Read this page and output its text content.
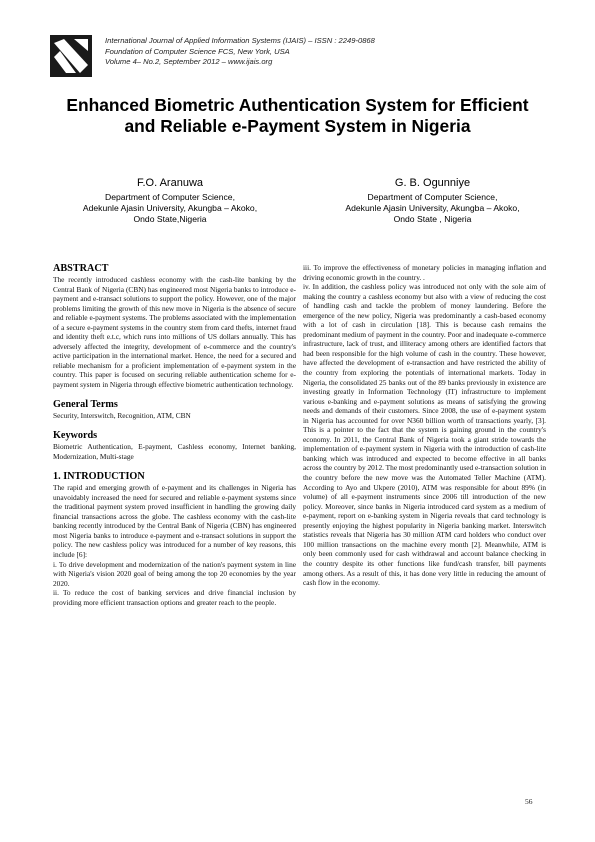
International Journal of Applied Information Systems (IJAIS) – ISSN : 2249-0868
Foundation of Computer Science FCS, New York, USA
Volume 4– No.2, September 2012 – www.ijais.org
Enhanced Biometric Authentication System for Efficient
and Reliable e-Payment System in Nigeria
F.O. Aranuwa
Department of Computer Science,
Adekunle Ajasin University, Akungba – Akoko,
Ondo State,Nigeria
G. B. Ogunniye
Department of Computer Science,
Adekunle Ajasin University, Akungba – Akoko,
Ondo State , Nigeria
ABSTRACT

The recently introduced cashless economy with the cash-lite banking by the Central Bank of Nigeria (CBN) has engineered most Nigeria banks to introduce e-payment and e-transact solutions to support the policy. However, one of the major problems limiting the growth of this new move in Nigeria is the absence of secure and reliable e-payment systems. The problems associated with the implementation of a secure e-payment systems in the country stem from card thefts, internet fraud and identity theft e.t.c, which runs into millions of US dollars annually. This has adversely affected the integrity, development of e-commerce and the country's active participation in the international market. Hence, the need for a secured and reliable mechanism for a proficient implementation of e-payment system in the country. This paper is focused on securing reliable authentication scheme for e-payment system in Nigeria through effective biometric authentication technology.

General Terms

Security, Interswitch, Recognition, ATM, CBN

Keywords

Biometric Authentication, E-payment, Cashless economy, Internet banking, Modernization, Multi-stage

1. INTRODUCTION

The rapid and emerging growth of e-payment and its challenges in Nigeria has unavoidably increased the need for secured and reliable e-payment systems since the traditional payment system proved insufficient in handling the growing daily financial transactions across the globe. The cashless economy with the cash-lite banking recently introduced by the Central Bank of Nigeria (CBN) has engineered most Nigeria banks to introduce e-payment and e-transact solutions in support the policy. The new cashless policy was introduced for a number of key reasons, this include [6]:

i. To drive development and modernization of the nation's payment system in line with Nigeria's vision 2020 goal of being among the top 20 economies by the year 2020.

ii. To reduce the cost of banking services and drive financial inclusion by providing more efficient transaction options and greater reach to the people.

iii. To improve the effectiveness of monetary policies in managing inflation and driving economic growth in the country. .

iv. In addition, the cashless policy was introduced not only with the sole aim of making the country a cashless economy but also with a view of reducing the cost of handling cash and tackle the problem of money laundering. Before the emergence of the new policy, Nigeria was predominantly a cash-based economy with a lot of cash in circulation [18]. This is because cash remains the predominant medium of payment in the country. Poor and inadequate e-commerce infrastructure, lack of trust, and illiteracy among others are identified factors that had been responsible for the high volume of cash in the country. These however, have affected the development of e-transaction and have restricted the ability of the country from exploring the potentials of international markets. Today in Nigeria, the consolidated 25 banks out of the 89 banks previously in existence are investing greatly in Information Technology (IT) infrastructure to implement various e-banking and e-payment solutions as means of satisfying the growing needs and demands of their customers. Since 2008, the use of e-payment system in Nigeria has accounted for over N360 billion worth of transactions yearly, [3]. This is a pointer to the fact that the system is gaining ground in the country's economy. In 2011, the Central Bank of Nigeria took a giant stride towards the implementation of e-payment system in Nigeria with the introduction of cash-lite banking which was introduced and expected to become effective in all banks across the country by 2012. The most predominantly used e-transaction solution in the country before the new move was the Automated Teller Machine (ATM). According to Ayo and Ukpere (2010), ATM was responsible for about 89% (in volume) of all e-payment instruments since 2006 till introduction of the new policy. Moreover, since banks in Nigeria introduced card system as a medium of e-payment, report on e-banking system in Nigeria reveals that card technology is presently enjoying the highest popularity in Nigeria banking market. Interswitch statistics reveals that Nigeria has 30 million ATM card holders who conduct over 100 million transactions on the machine every month [2]. Meanwhile, ATM is only been commonly used for cash withdrawal and account balance checking in the country despite its other functions like fund/cash transfer, bill payments among others. As a result of this, it has done very little in reducing the amount of cash flow in the economy.

56
